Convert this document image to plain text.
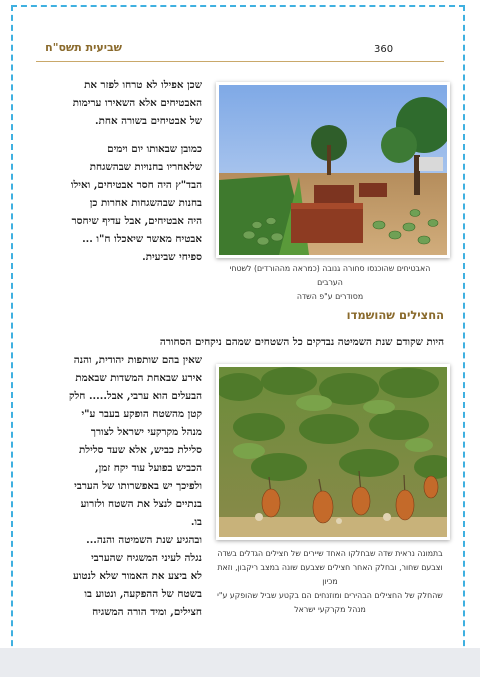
360
שביעית תשס"ח
שכן אפילו לא טרחו לפזר את
האבטיחים אלא השאירו ערימות
של אבטיחים בשורה אחת.
כמובן שבאותו יום וימים
שלאחריו בחנויות שבהשגחת
הבד"ץ היה חסר אבטיחים, ואילו
בחנות שבהשגחות אחרות כן
היה אבטיחים, אבל עדיף שיחסר
אבטיח מאשר שיאכלו ח"ו ...
ספיחי שביעית.
האבטיחים שהוכנסו סחורה גנובה (כמראה מההורדים) לשטחי הערבים
מסודרים ע"פ השדה
החצילים שהושמדו
היות שקודם שנת השמיטה נבדקים כל השטחים שמהם ניקחים הסחורה
שאין בהם שותפות יהודית, והנה
אירע שבאחת המשדות שבאמת
הבעלים הוא ערבי, אבל..... חלק
קטן מהשטח הופקע בעבר ע"י
מנהל מקרקעי ישראל לצורך
סלילת כביש, אלא שעד סלילת
הכביש בפועל עוד יקח זמן,
ולפיכך יש באפשרותו של הערבי
בנתיים לנצל את השטח ולזרוע
בו.
ובהגיע שנת השמיטה והנה...
נגלה לעיני המשגיח שהערבי
לא ביצע את האמור שלא לנטוע
בשטח של ההפקעה, ונטוע בו
חצילים, ומיד הורה המשגיח
בתמונה נראית שדה שבחלקו האחד שיירים של חצילים הגדלים בשדה
וצבעם שחור, ובחלק האחר חצילים שצבעם שונה במצב ריקבון, וזאת מכיון
שהחלק של החצילים הבהירים ומוזנחים הם בקטע שביל שהופקע ע"י
מנהל מקרקעי ישראל
